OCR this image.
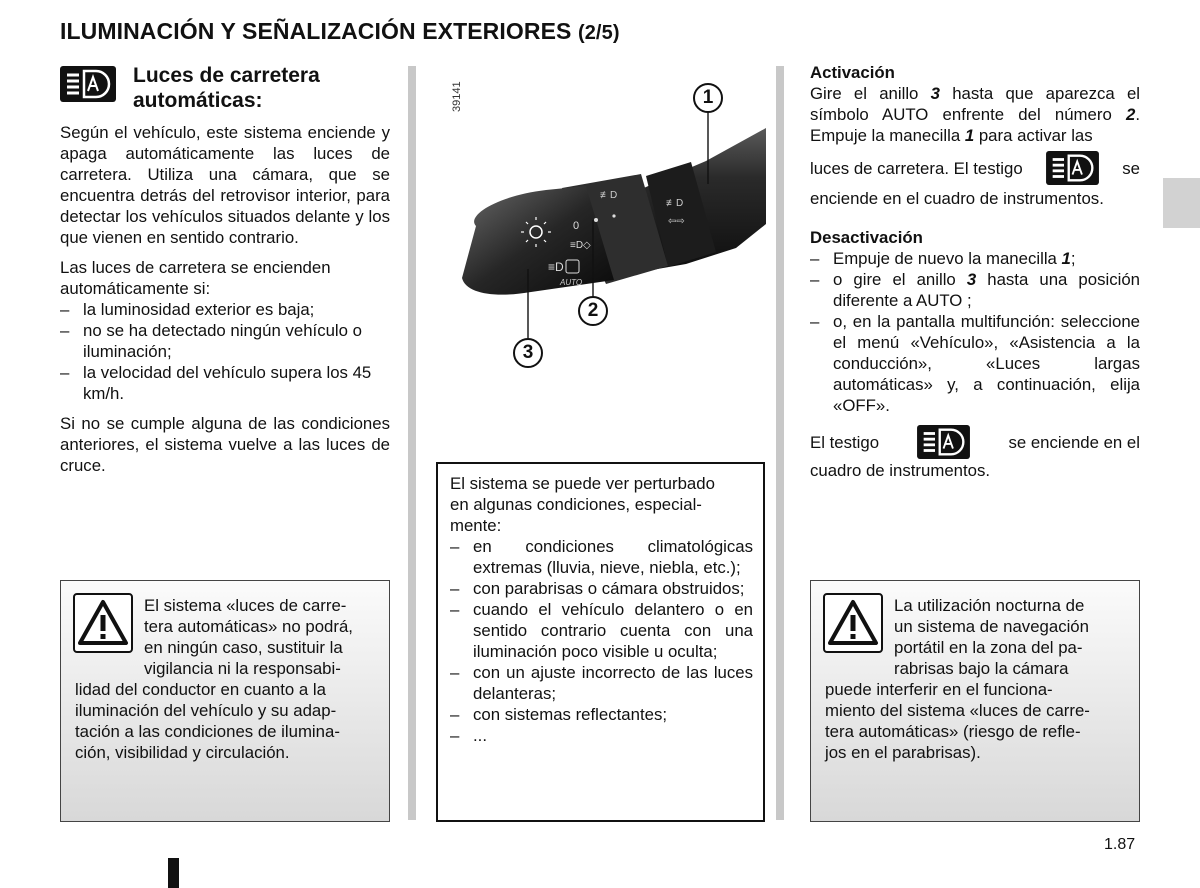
ILUMINACIÓN Y SEÑALIZACIÓN EXTERIORES (2/5)
Luces de carretera
automáticas:

Según el vehículo, este sistema enciende y apaga automáticamente las luces de carretera. Utiliza una cámara, que se encuentra detrás del retrovisor interior, para detectar los vehículos situados delante y los que vienen en sentido contrario.

Las luces de carretera se encienden automáticamente si:

– la luminosidad exterior es baja;
– no se ha detectado ningún vehículo o iluminación;
– la velocidad del vehículo supera los 45 km/h.

Si no se cumple alguna de las condiciones anteriores, el sistema vuelve a las luces de cruce.

El sistema «luces de carre-
tera automáticas» no podrá,
en ningún caso, sustituir la
vigilancia ni la responsabi-
lidad del conductor en cuanto a la
iluminación del vehículo y su adap-
tación a las condiciones de ilumina-
ción, visibilidad y circulación.
0
≡D◇
≡D
AUTO
≢D
≢D
⇦⇨
39141	1
2
3
El sistema se puede ver perturbado
en algunas condiciones, especial-
mente:
– en condiciones climatológicas extremas (lluvia, nieve, niebla, etc.);
– con parabrisas o cámara obstruidos;
– cuando el vehículo delantero o en sentido contrario cuenta con una iluminación poco visible u oculta;
– con un ajuste incorrecto de las luces delanteras;
– con sistemas reflectantes;
– ...
Activación
Gire el anillo 3 hasta que aparezca el símbolo AUTO enfrente del número 2. Empuje la manecilla 1 para activar las
luces de carretera. El testigo	se
enciende en el cuadro de instrumentos.
Desactivación
– Empuje de nuevo la manecilla 1;
– o gire el anillo 3 hasta una posición diferente a AUTO ;
– o, en la pantalla multifunción: seleccione el menú «Vehículo», «Asistencia a la conducción», «Luces largas automáticas» y, a continuación, elija «OFF».
El testigo	se enciende en el
cuadro de instrumentos.
La utilización nocturna de
un sistema de navegación
portátil en la zona del pa-
rabrisas bajo la cámara
puede interferir en el funciona-
miento del sistema «luces de carre-
tera automáticas» (riesgo de refle-
jos en el parabrisas).
1.87
